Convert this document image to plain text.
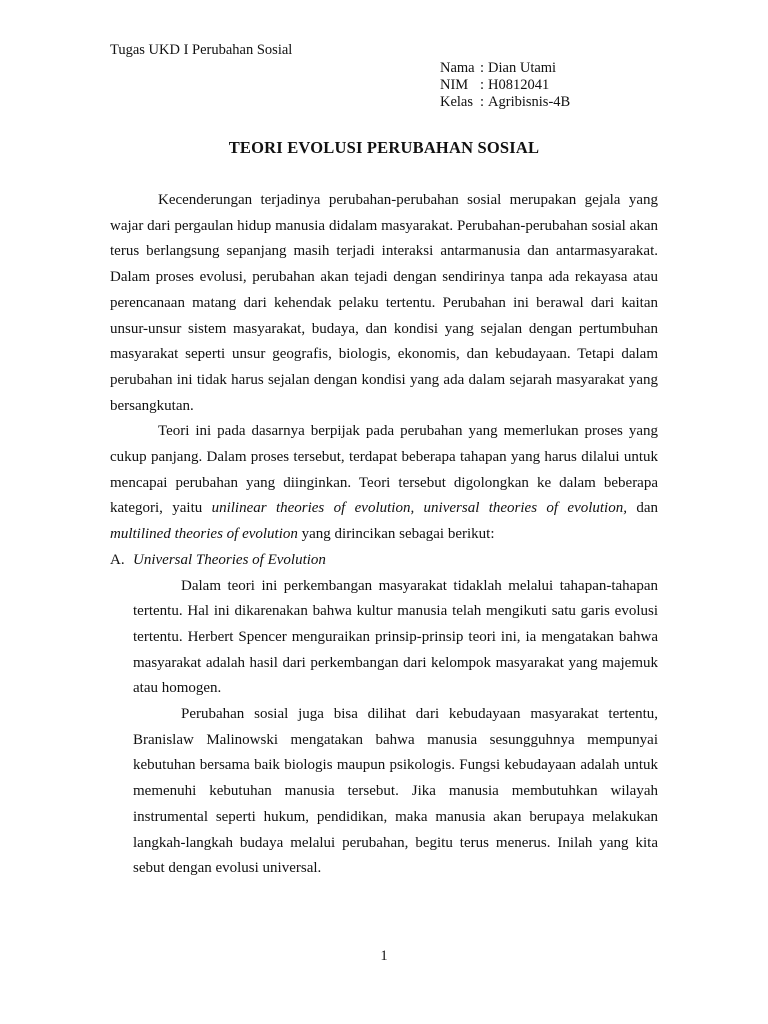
Tugas UKD I Perubahan Sosial
Nama : Dian Utami
NIM : H0812041
Kelas : Agribisnis-4B
TEORI EVOLUSI PERUBAHAN SOSIAL

Kecenderungan terjadinya perubahan-perubahan sosial merupakan gejala yang wajar dari pergaulan hidup manusia didalam masyarakat. Perubahan-perubahan sosial akan terus berlangsung sepanjang masih terjadi interaksi antarmanusia dan antarmasyarakat. Dalam proses evolusi, perubahan akan tejadi dengan sendirinya tanpa ada rekayasa atau perencanaan matang dari kehendak pelaku tertentu. Perubahan ini berawal dari kaitan unsur-unsur sistem masyarakat, budaya, dan kondisi yang sejalan dengan pertumbuhan masyarakat seperti unsur geografis, biologis, ekonomis, dan kebudayaan. Tetapi dalam perubahan ini tidak harus sejalan dengan kondisi yang ada dalam sejarah masyarakat yang bersangkutan.

Teori ini pada dasarnya berpijak pada perubahan yang memerlukan proses yang cukup panjang. Dalam proses tersebut, terdapat beberapa tahapan yang harus dilalui untuk mencapai perubahan yang diinginkan. Teori tersebut digolongkan ke dalam beberapa kategori, yaitu unilinear theories of evolution, universal theories of evolution, dan multilined theories of evolution yang dirincikan sebagai berikut:

A. Universal Theories of Evolution

Dalam teori ini perkembangan masyarakat tidaklah melalui tahapan-tahapan tertentu. Hal ini dikarenakan bahwa kultur manusia telah mengikuti satu garis evolusi tertentu. Herbert Spencer menguraikan prinsip-prinsip teori ini, ia mengatakan bahwa masyarakat adalah hasil dari perkembangan dari kelompok masyarakat yang majemuk atau homogen.

Perubahan sosial juga bisa dilihat dari kebudayaan masyarakat tertentu, Branislaw Malinowski mengatakan bahwa manusia sesungguhnya mempunyai kebutuhan bersama baik biologis maupun psikologis. Fungsi kebudayaan adalah untuk memenuhi kebutuhan manusia tersebut. Jika manusia membutuhkan wilayah instrumental seperti hukum, pendidikan, maka manusia akan berupaya melakukan langkah-langkah budaya melalui perubahan, begitu terus menerus. Inilah yang kita sebut dengan evolusi universal.

1
